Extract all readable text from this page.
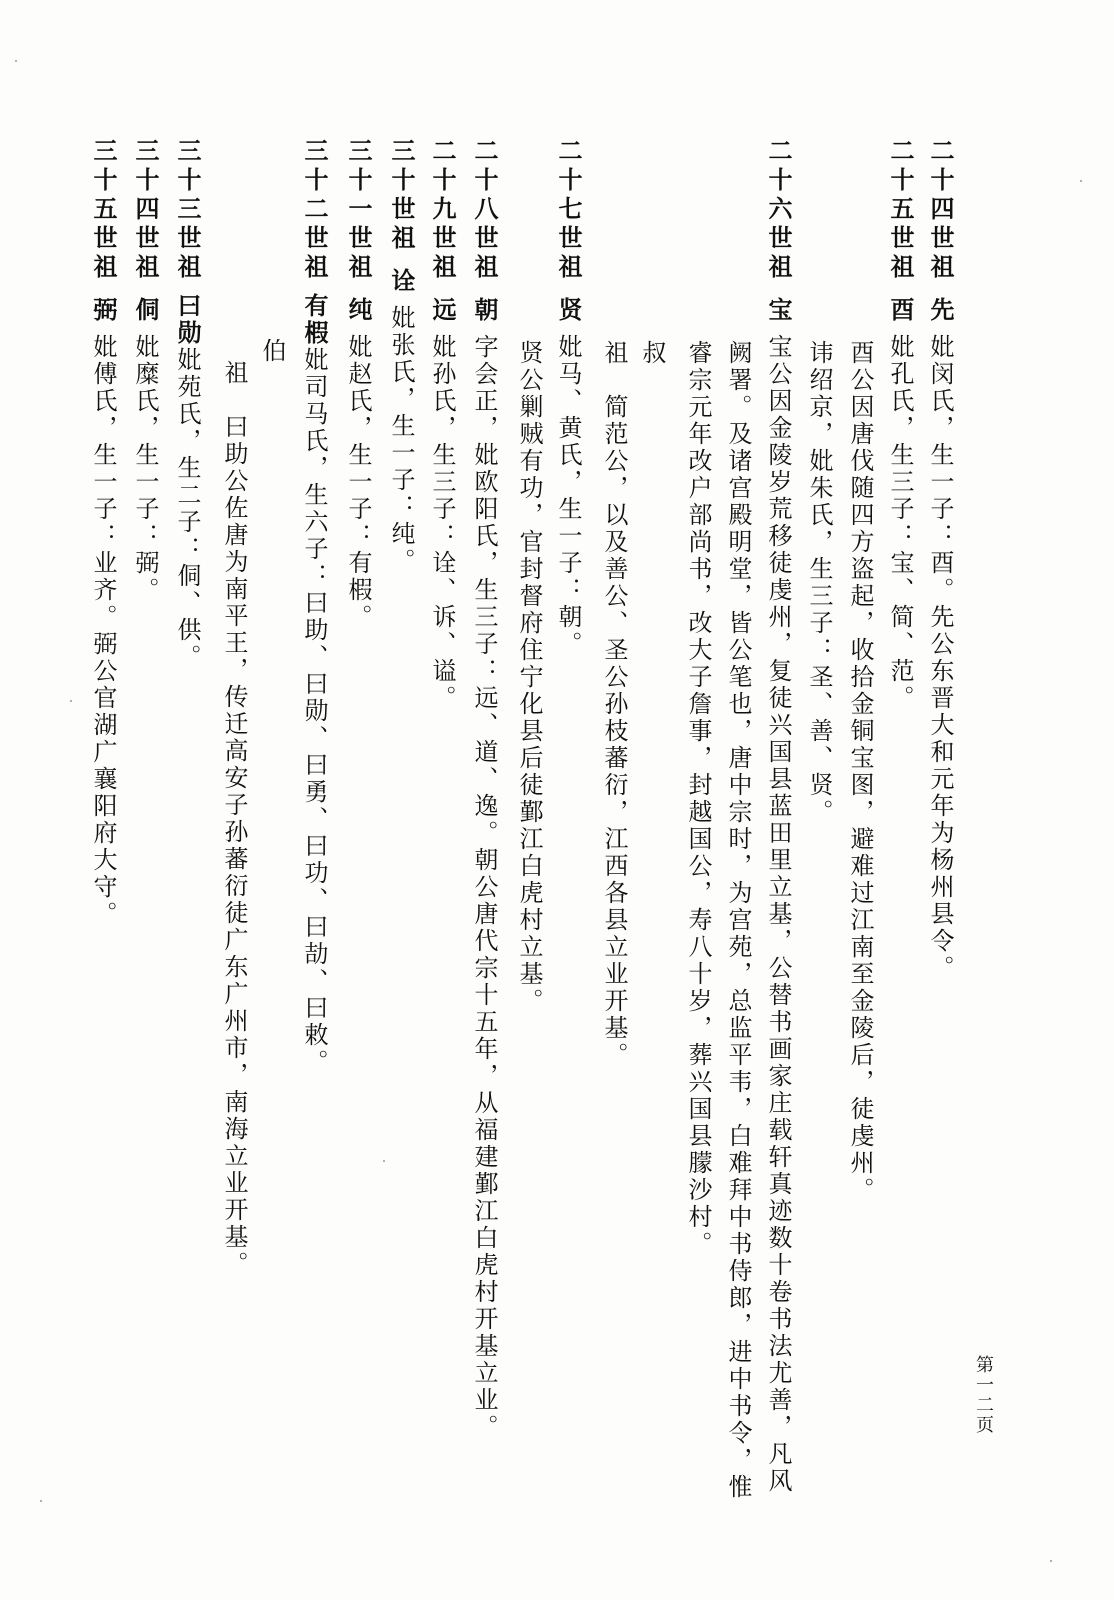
二十四世祖先妣闵氏，生一子：酉。先公东晋大和元年为杨州县令。
二十五世祖酉妣孔氏，生三子：宝、简、范。
酉公因唐伐随四方盗起，收拾金铜宝图，避难过江南至金陵后，徒虔州。
讳绍京，妣朱氏，生三子：圣、善、贤。
二十六世祖宝宝公因金陵岁荒移徒虔州，复徒兴国县蓝田里立基，公替书画家庄载轩真迹数十卷书法尤善，凡风
阙署。及诸宫殿明堂，皆公笔也，唐中宗时，为宫苑，总监平韦，白难拜中书侍郎，进中书令，惟
睿宗元年改户部尚书，改大子詹事，封越国公，寿八十岁，葬兴国县朦沙村。
叔
祖　简范公，以及善公、圣公孙枝蕃衍，江西各县立业开基。
二十七世祖贤妣马、黄氏，生一子：朝。
贤公剿贼有功，官封督府住宁化县后徒鄞江白虎村立基。
二十八世祖朝字会正，妣欧阳氏，生三子：远、道、逸。朝公唐代宗十五年，从福建鄞江白虎村开基立业。
二十九世祖远妣孙氏，生三子：诠、诉、谥。
三十世祖诠妣张氏，生一子：纯。
三十一世祖纯妣赵氏，生一子：有椵。
三十二世祖有椵妣司马氏，生六子：曰助、曰勋、曰勇、曰功、曰劼、曰敕。
伯
祖　曰助公佐唐为南平王，传迁高安子孙蕃衍徒广东广州市，南海立业开基。
三十三世祖曰勋妣苑氏，生二子：侗、供。
三十四世祖侗妣糜氏，生一子：弼。
三十五世祖弼妣傅氏，生一子：业齐。弼公官湖广襄阳府大守。
第一二页
